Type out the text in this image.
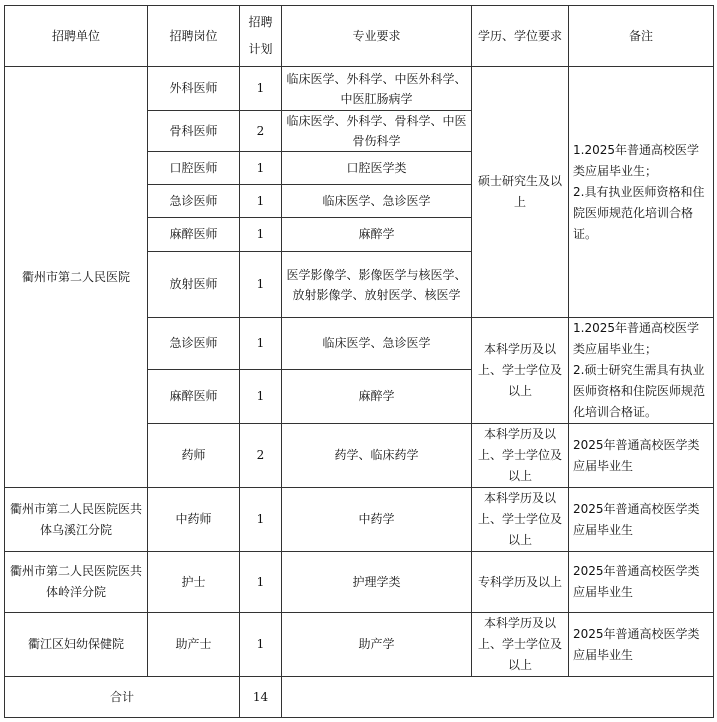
招聘单位	招聘岗位	招聘计划	专业要求	学历、学位要求	备注
衢州市第二人民医院	外科医师	1	临床医学、外科学、中医外科学、中医肛肠病学	硕士研究生及以上	1.2025年普通高校医学类应届毕业生；
2.具有执业医师资格和住院医师规范化培训合格证。

	骨科医师	2	临床医学、外科学、骨科学、中医骨伤科学		
	口腔医师	1	口腔医学类		
	急诊医师	1	临床医学、急诊医学		
	麻醉医师	1	麻醉学		
	放射医师	1	医学影像学、影像医学与核医学、放射影像学、放射医学、核医学		
	急诊医师	1	临床医学、急诊医学	本科学历及以上、学士学位及以上	1.2025年普通高校医学类应届毕业生；
2.硕士研究生需具有执业医师资格和住院医师规范化培训合格证。

	麻醉医师	1	麻醉学		
	药师	2	药学、临床药学	本科学历及以上、学士学位及以上	2025年普通高校医学类应届毕业生
衢州市第二人民医院医共体乌溪江分院	中药师	1	中药学	本科学历及以上、学士学位及以上	2025年普通高校医学类应届毕业生
衢州市第二人民医院医共体岭洋分院	护士	1	护理学类	专科学历及以上	2025年普通高校医学类应届毕业生
衢江区妇幼保健院	助产士	1	助产学	本科学历及以上、学士学位及以上	2025年普通高校医学类应届毕业生
合计		14			
